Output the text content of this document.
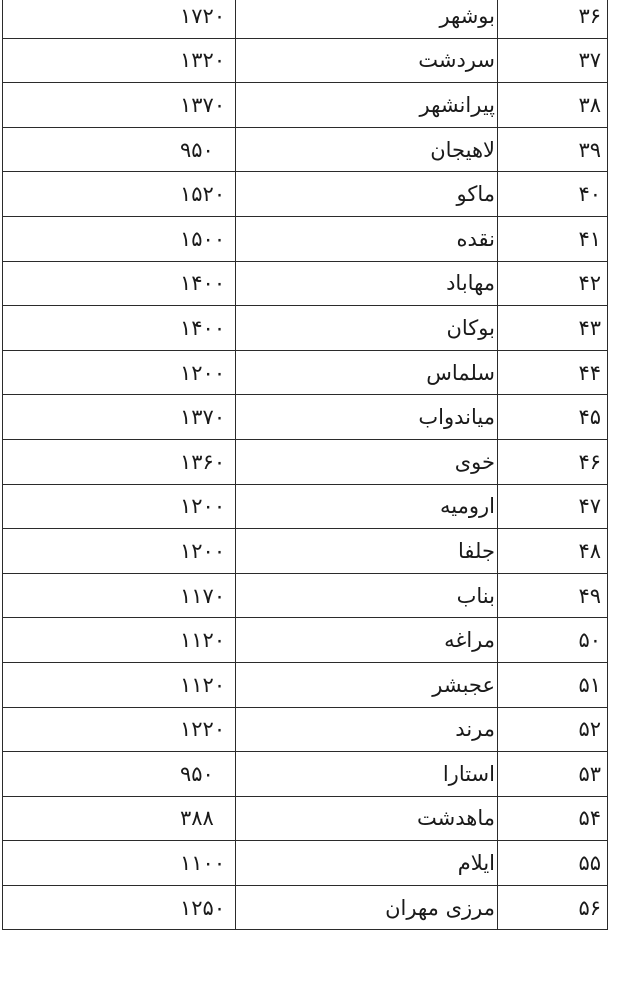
۳۶	بوشهر	۱۷۲۰
۳۷	سردشت	۱۳۲۰
۳۸	پیرانشهر	۱۳۷۰
۳۹	لاهیجان	۹۵۰
۴۰	ماکو	۱۵۲۰
۴۱	نقده	۱۵۰۰
۴۲	مهاباد	۱۴۰۰
۴۳	بوکان	۱۴۰۰
۴۴	سلماس	۱۲۰۰
۴۵	میاندواب	۱۳۷۰
۴۶	خوی	۱۳۶۰
۴۷	ارومیه	۱۲۰۰
۴۸	جلفا	۱۲۰۰
۴۹	بناب	۱۱۷۰
۵۰	مراغه	۱۱۲۰
۵۱	عجبشر	۱۱۲۰
۵۲	مرند	۱۲۲۰
۵۳	استارا	۹۵۰
۵۴	ماهدشت	۳۸۸
۵۵	ایلام	۱۱۰۰
۵۶	مرزی مهران	۱۲۵۰
